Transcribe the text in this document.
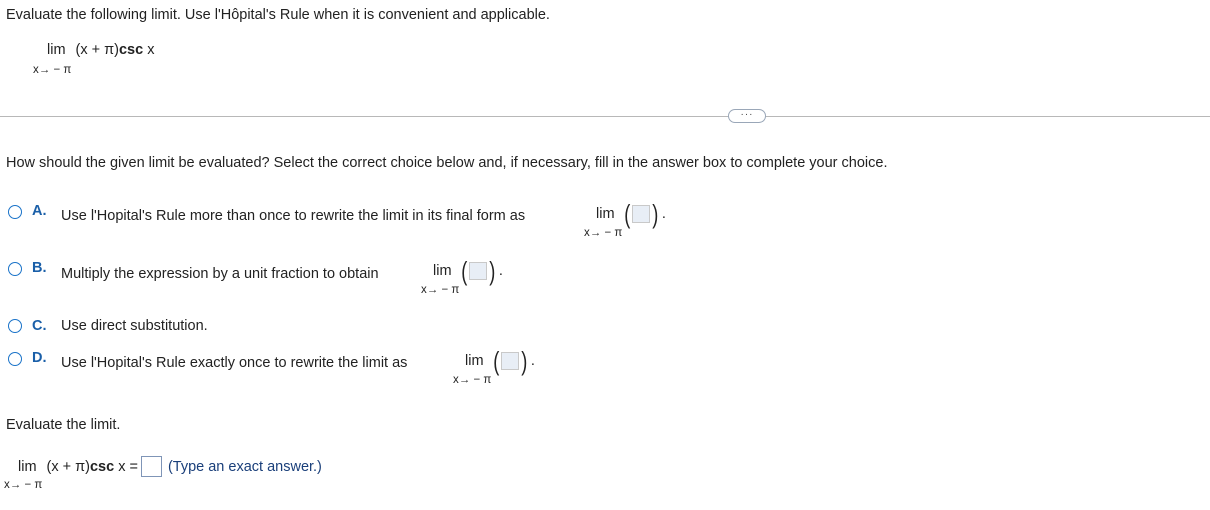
Evaluate the following limit. Use l'Hôpital's Rule when it is convenient and applicable.
lim (x + π) csc x
x→ − π
···
How should the given limit be evaluated? Select the correct choice below and, if necessary, fill in the answer box to complete your choice.
A. Use l'Hopital's Rule more than once to rewrite the limit in its final form as	lim ( ) .
x→ − π
B. Multiply the expression by a unit fraction to obtain	lim ( ) .
x→ − π
C. Use direct substitution.
D. Use l'Hopital's Rule exactly once to rewrite the limit as	lim ( ) .
x→ − π
Evaluate the limit.
lim (x + π) csc x = (Type an exact answer.)
x→ − π
